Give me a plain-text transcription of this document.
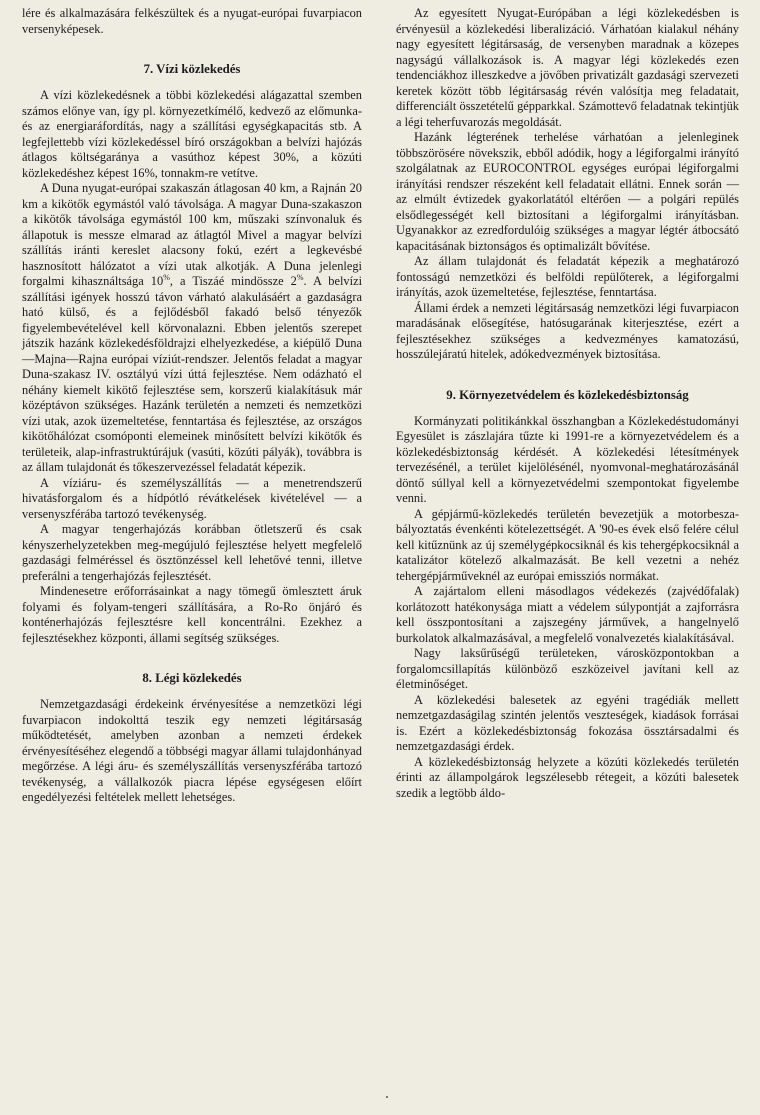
lére és alkalmazására felkészültek és a nyugat-európai fuvarpiacon versenyképesek.

7. Vízi közlekedés

A vízi közlekedésnek a többi közlekedési alágazattal szemben számos előnye van, így pl. környezetkímélő, kedvező az előmunka- és az energiaráfordítás, nagy a szállítási egységkapacitás stb. A legfejlettebb vízi közlekedéssel bíró országokban a belvízi hajózás átlagos költségaránya a vasúthoz képest 30%, a közúti közlekedéshez képest 16%, tonnakm-re vetítve.

A Duna nyugat-európai szakaszán átlagosan 40 km, a Rajnán 20 km a kikötők egymástól való távolsága. A magyar Duna-szakaszon a kikötők távolsága egymástól 100 km, műszaki színvonaluk és állapotuk is messze elmarad az átlagtól Mivel a magyar belvízi szállítás iránti kereslet alacsony fokú, ezért a legkevésbé hasznosított hálózatot a vízi utak alkotják. A Duna jelenlegi forgalmi kihasználtsága 10%, a Tiszáé mindössze 2%. A belvízi szállítási igények hosszú távon várható alakulásáért a gazdaságra ható külső, és a fejlődésből fakadó belső tényezők figyelembevételével kell körvonalazni. Ebben jelentős szerepet játszik hazánk közlekedésföldrajzi elhelyezkedése, a kiépülő Duna—Majna—Rajna európai víziút-rendszer. Jelentős feladat a magyar Duna-szakasz IV. osztályú vízi úttá fejlesztése. Nem odázható el néhány kiemelt kikötő fejlesztése sem, korszerű kialakításuk már középtávon szükséges. Hazánk területén a nemzeti és nemzetközi vízi utak, azok üzemeltetése, fenntartása és fejlesztése, az országos kikötőhálózat csomóponti elemeinek minősített belvízi kikötők és területeik, alap-infrastruktúrájuk (vasúti, közúti pályák), továbbra is az állam tulajdonát és tőkeszervezéssel feladatát képezik.

A víziáru- és személyszállítás — a menetrendszerű hivatásforgalom és a hídpótló révátkelések kivételével — a versenyszférába tartozó tevékenység.

A magyar tengerhajózás korábban ötletszerű és csak kényszerhelyzetekben meg-megújuló fejlesztése helyett megfelelő gazdasági felméréssel és ösztönzéssel kell lehetővé tenni, illetve preferálni a tengerhajózás fejlesztését.

Mindenesetre erőforrásainkat a nagy tömegű ömlesztett áruk folyami és folyam-tengeri szállítására, a Ro-Ro önjáró és konténerhajózás fejlesztésre kell koncentrálni. Ezekhez a fejlesztésekhez központi, állami segítség szükséges.

8. Légi közlekedés

Nemzetgazdasági érdekeink érvényesítése a nemzetközi légi fuvarpiacon indokolttá teszik egy nemzeti légitársaság működtetését, amelyben azonban a nemzeti érdekek érvényesítéséhez elegendő a többségi magyar állami tulajdonhányad megőrzése. A légi áru- és személyszállítás versenyszférába tartozó tevékenység, a vállalkozók piacra lépése egységesen előírt engedélyezési feltételek mellett lehetséges.

Az egyesített Nyugat-Európában a légi közlekedésben is érvényesül a közlekedési liberalizáció. Várhatóan kialakul néhány nagy egyesített légitársaság, de versenyben maradnak a közepes nagyságú vállalkozások is. A magyar légi közlekedés ezen tendenciákhoz illeszkedve a jövőben privatizált gazdasági szervezeti keretek között több légitársaság révén valósítja meg feladatait, differenciált összetételű gépparkkal. Számottevő feladatnak tekintjük a légi teherfuvarozás megoldását.

Hazánk légterének terhelése várhatóan a jelenleginek többszörösére növekszik, ebből adódik, hogy a légiforgalmi irányító szolgálatnak az EUROCONTROL egységes európai légiforgalmi irányítási rendszer részeként kell feladatait ellátni. Ennek során — az elmúlt évtizedek gyakorlatától eltérően — a polgári repülés elsődlegességét kell biztosítani a légiforgalmi irányításban. Ugyanakkor az ezredfordulóig szükséges a magyar légtér átbocsátó kapacitásának biztonságos és optimalizált bővítése.

Az állam tulajdonát és feladatát képezik a meghatározó fontosságú nemzetközi és belföldi repülőterek, a légiforgalmi irányítás, azok üzemeltetése, fejlesztése, fenntartása.

Állami érdek a nemzeti légitársaság nemzetközi légi fuvarpiacon maradásának elősegítése, hatósugarának kiterjesztése, ezért a fejlesztésekhez szükséges a kedvezményes kamatozású, hosszúlejáratú hitelek, adókedvezmények biztosítása.

9. Környezetvédelem és közlekedésbiztonság

Kormányzati politikánkkal összhangban a Közlekedéstudományi Egyesület is zászlajára tűzte ki 1991-re a környezetvédelem és a közlekedésbiztonság kérdését. A közlekedési létesítmények tervezésénél, a terület kijelölésénél, nyomvonal-meghatározásánál döntő súllyal kell a környezetvédelmi szempontokat figyelembe venni.

A gépjármű-közlekedés területén bevezetjük a motorbeszabályoztatás évenkénti kötelezettségét. A '90-es évek első felére célul kell kitűznünk az új személygépkocsiknál és kis tehergépkocsiknál a katalizátor kötelező alkalmazását. Be kell vezetni a nehéz tehergépjárműveknél az európai emissziós normákat.

A zajártalom elleni másodlagos védekezés (zajvédőfalak) korlátozott hatékonysága miatt a védelem súlypontját a zajforrásra kell összpontosítani a zajszegény járművek, a hangelnyelő burkolatok alkalmazásával, a megfelelő vonalvezetés kialakításával.

Nagy laksűrűségű területeken, városközpontokban a forgalomcsillapítás különböző eszközeivel javítani kell az életminőséget.

A közlekedési balesetek az egyéni tragédiák mellett nemzetgazdaságilag szintén jelentős veszteségek, kiadások forrásai is. Ezért a közlekedésbiztonság fokozása össztársadalmi és nemzetgazdasági érdek.

A közlekedésbiztonság helyzete a közúti közlekedés területén érinti az állampolgárok legszélesebb rétegeit, a közúti balesetek szedik a legtöbb áldo-
